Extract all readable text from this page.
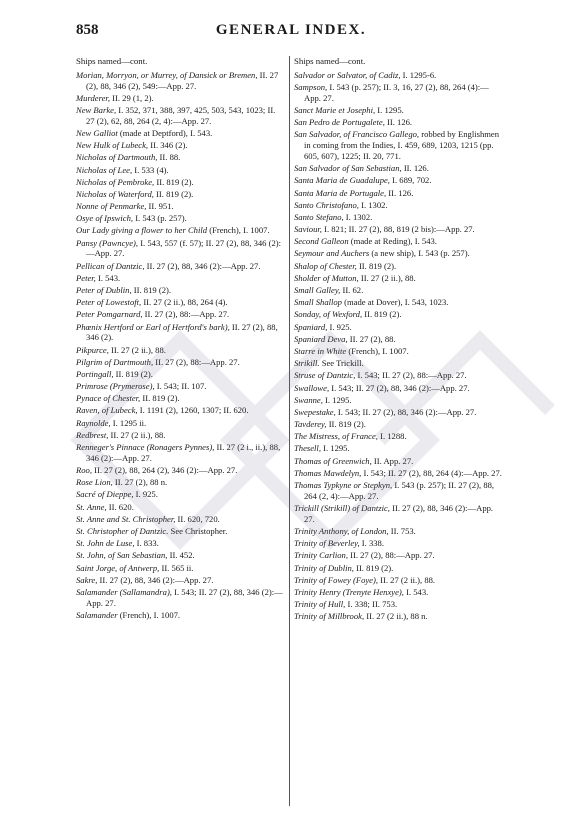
858	GENERAL INDEX.
Ships named—cont.
Morian, Morryon, or Murrey, of Dansick or Bremen, II. 27 (2), 88, 346 (2), 549:—App. 27.
Murderer, II. 29 (1, 2).
New Barke, I. 352, 371, 388, 397, 425, 503, 543, 1023; II. 27 (2), 62, 88, 264 (2, 4):—App. 27.
New Galliot (made at Deptford), I. 543.
New Hulk of Lubeck, II. 346 (2).
Nicholas of Dartmouth, II. 88.
Nicholas of Lee, I. 533 (4).
Nicholas of Pembroke, II. 819 (2).
Nicholas of Waterford, II. 819 (2).
Nonne of Penmarke, II. 951.
Osye of Ipswich, I. 543 (p. 257).
Our Lady giving a flower to her Child (French), I. 1007.
Pansy (Pawncye), I. 543, 557 (f. 57); II. 27 (2), 88, 346 (2):—App. 27.
Pellican of Dantzic, II. 27 (2), 88, 346 (2):—App. 27.
Peter, I. 543.
Peter of Dublin, II. 819 (2).
Peter of Lowestoft, II. 27 (2 ii.), 88, 264 (4).
Peter Pomgarnard, II. 27 (2), 88:—App. 27.
Phœnix Hertford or Earl of Hertford's bark), II. 27 (2), 88, 346 (2).
Pikpurce, II. 27 (2 ii.), 88.
Pilgrim of Dartmouth, II. 27 (2), 88:—App. 27.
Portingall, II. 819 (2).
Primrose (Prymerose), I. 543; II. 107.
Pynace of Chester, II. 819 (2).
Raven, of Lubeck, I. 1191 (2), 1260, 1307; II. 620.
Raynolde, I. 1295 ii.
Redbrest, II. 27 (2 ii.), 88.
Renneger's Pinnace (Ronagers Pynnes), II. 27 (2 i., ii.), 88, 346 (2):—App. 27.
Roo, II. 27 (2), 88, 264 (2), 346 (2):—App. 27.
Rose Lion, II. 27 (2), 88 n.
Sacré of Dieppe, I. 925.
St. Anne, II. 620.
St. Anne and St. Christopher, II. 620, 720.
St. Christopher of Dantzic. See Christopher.
St. John de Luse, I. 833.
St. John, of San Sebastian, II. 452.
Saint Jorge, of Antwerp, II. 565 ii.
Sakre, II. 27 (2), 88, 346 (2):—App. 27.
Salamander (Sallamandra), I. 543; II. 27 (2), 88, 346 (2):—App. 27.
Salamander (French), I. 1007.
Ships named—cont.
Salvador or Salvator, of Cadiz, I. 1295-6.
Sampson, I. 543 (p. 257); II. 3, 16, 27 (2), 88, 264 (4):—App. 27.
Sanct Marie et Josephi, I. 1295.
San Pedro de Portugalete, II. 126.
San Salvador, of Francisco Gallego, robbed by Englishmen in coming from the Indies, I. 459, 689, 1203, 1215 (pp. 605, 607), 1225; II. 20, 771.
San Salvador of San Sebastian, II. 126.
Santa Maria de Guadalupe, I. 689, 702.
Santa Maria de Portugale, II. 126.
Santo Christofano, I. 1302.
Santo Stefano, I. 1302.
Saviour, I. 821; II. 27 (2), 88, 819 (2 bis):—App. 27.
Second Galleon (made at Reding), I. 543.
Seymour and Auchers (a new ship), I. 543 (p. 257).
Shalop of Chester, II. 819 (2).
Sholder of Mutton, II. 27 (2 ii.), 88.
Small Galley, II. 62.
Small Shallop (made at Dover), I. 543, 1023.
Sonday, of Wexford, II. 819 (2).
Spaniard, I. 925.
Spaniard Deva, II. 27 (2), 88.
Starre in White (French), I. 1007.
Strikill. See Trickill.
Struse of Dantzic, I. 543; II. 27 (2), 88:—App. 27.
Swallowe, I. 543; II. 27 (2), 88, 346 (2):—App. 27.
Swanne, I. 1295.
Swepestake, I. 543; II. 27 (2), 88, 346 (2):—App. 27.
Tavderey, II. 819 (2).
The Mistress, of France, I. 1288.
Thesell, I. 1295.
Thomas of Greenwich, II. App. 27.
Thomas Mawdelyn, I. 543; II. 27 (2), 88, 264 (4):—App. 27.
Thomas Typkyne or Stepkyn, I. 543 (p. 257); II. 27 (2), 88, 264 (2, 4):—App. 27.
Trickill (Strikill) of Dantzic, II. 27 (2), 88, 346 (2):—App. 27.
Trinity Anthony, of London, II. 753.
Trinity of Beverley, I. 338.
Trinity Carlion, II. 27 (2), 88:—App. 27.
Trinity of Dublin, II. 819 (2).
Trinity of Fowey (Foye), II. 27 (2 ii.), 88.
Trinity Henry (Trenyte Henxye), I. 543.
Trinity of Hull, I. 338; II. 753.
Trinity of Millbrook, II. 27 (2 ii.), 88 n.
